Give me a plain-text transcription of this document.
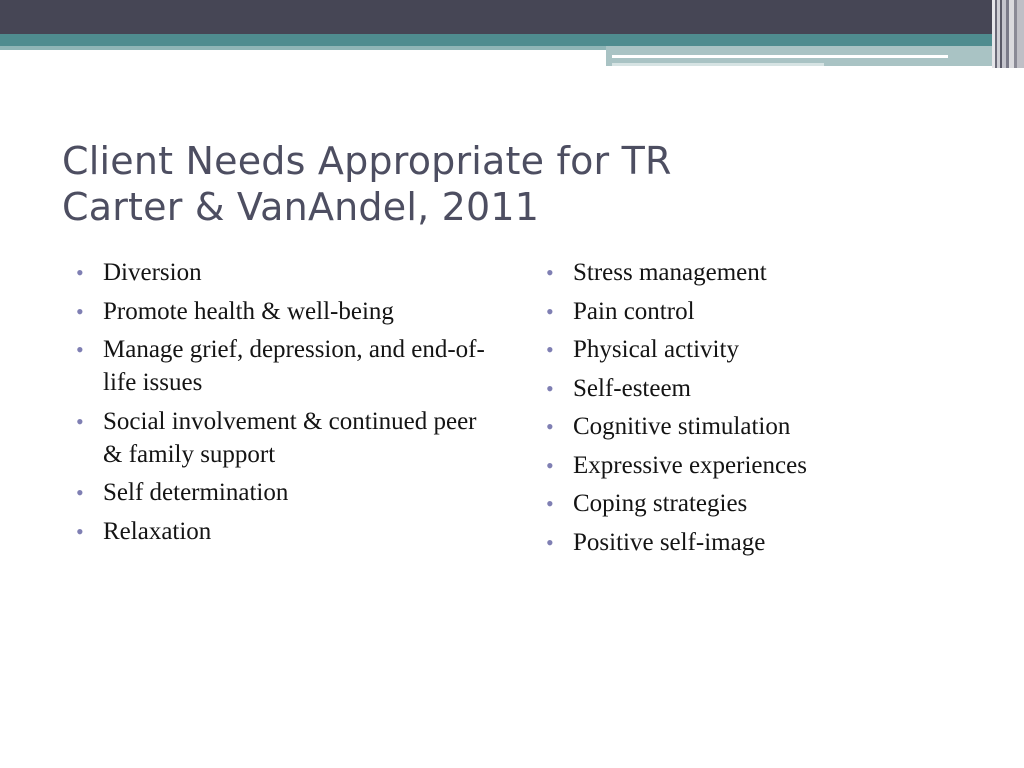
Client Needs Appropriate for TR
Carter & VanAndel, 2011
• Diversion
• Promote health & well-being
• Manage grief, depression, and end-of-life issues
• Social involvement & continued peer & family support
• Self determination
• Relaxation
• Stress management
• Pain control
• Physical activity
• Self-esteem
• Cognitive stimulation
• Expressive experiences
• Coping strategies
• Positive self-image
